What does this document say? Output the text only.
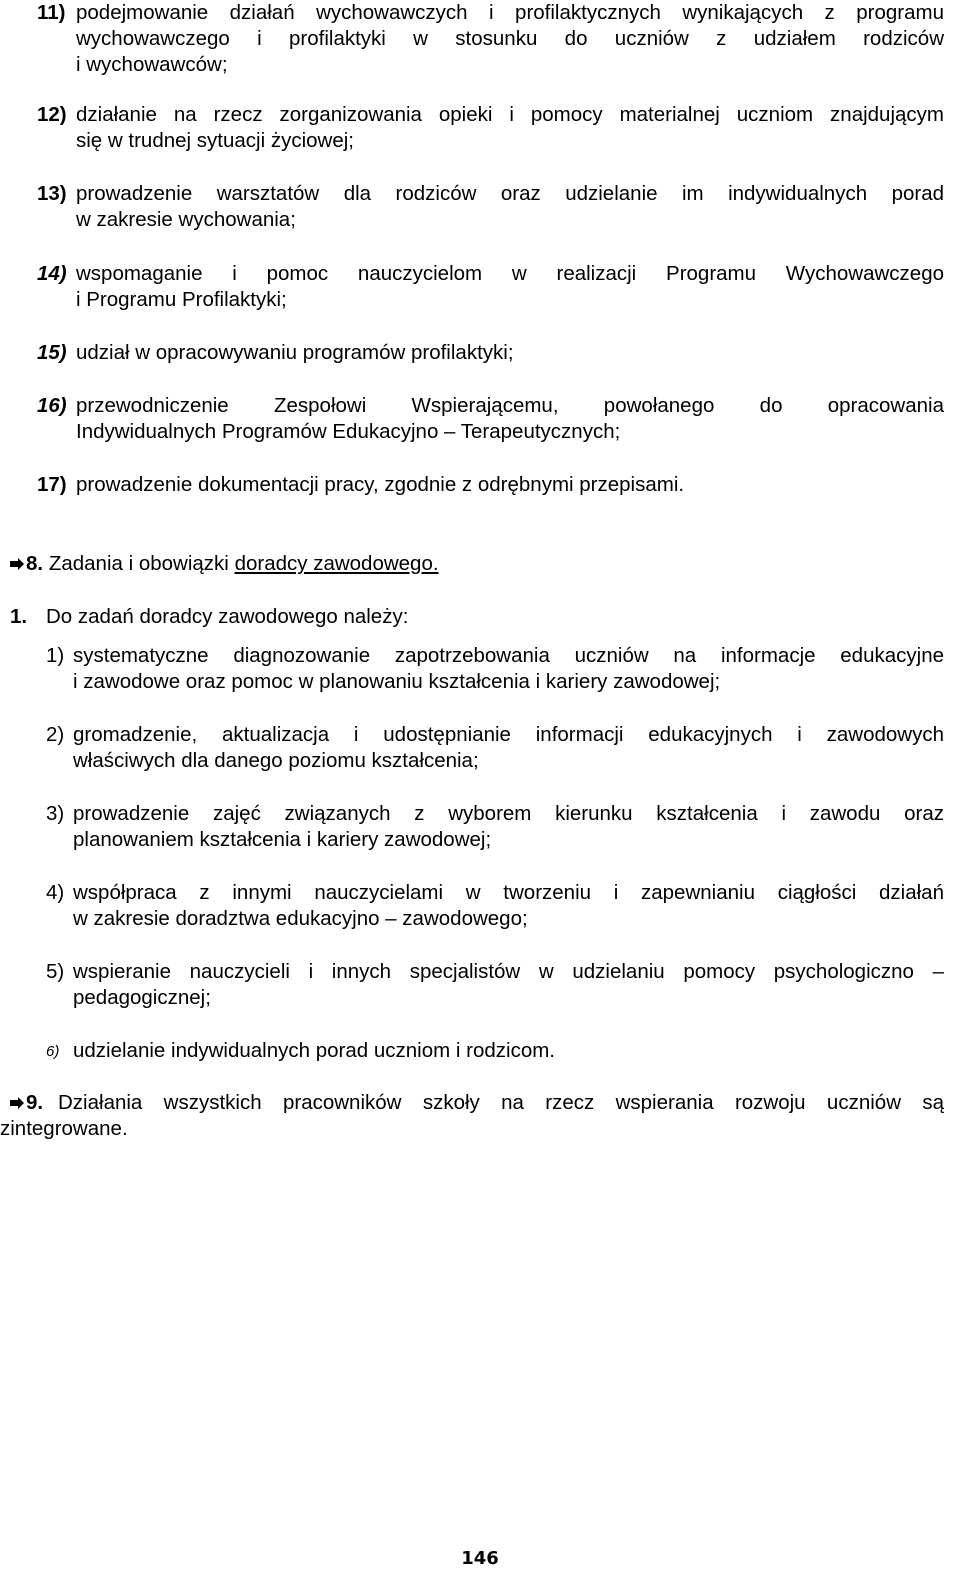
11) podejmowanie działań wychowawczych i profilaktycznych wynikających z programu
wychowawczego i profilaktyki w stosunku do uczniów z udziałem rodziców
i wychowawców;
12) działanie na rzecz zorganizowania opieki i pomocy materialnej uczniom znajdującym
się w trudnej sytuacji życiowej;
13) prowadzenie warsztatów dla rodziców oraz udzielanie im indywidualnych porad
w zakresie wychowania;
14) wspomaganie i pomoc nauczycielom w realizacji Programu Wychowawczego
i Programu Profilaktyki;
15) udział w opracowywaniu programów profilaktyki;
16) przewodniczenie Zespołowi Wspierającemu, powołanego do opracowania
Indywidualnych Programów Edukacyjno – Terapeutycznych;
17) prowadzenie dokumentacji pracy, zgodnie z odrębnymi przepisami.
8. Zadania i obowiązki doradcy zawodowego.
1. Do zadań doradcy zawodowego należy:
1) systematyczne diagnozowanie zapotrzebowania uczniów na informacje edukacyjne
i zawodowe oraz pomoc w planowaniu kształcenia i kariery zawodowej;
2) gromadzenie, aktualizacja i udostępnianie informacji edukacyjnych i zawodowych
właściwych dla danego poziomu kształcenia;
3) prowadzenie zajęć związanych z wyborem kierunku kształcenia i zawodu oraz
planowaniem kształcenia i kariery zawodowej;
4) współpraca z innymi nauczycielami w tworzeniu i zapewnianiu ciągłości działań
w zakresie doradztwa edukacyjno – zawodowego;
5) wspieranie nauczycieli i innych specjalistów w udzielaniu pomocy psychologiczno –
pedagogicznej;
6) udzielanie indywidualnych porad uczniom i rodzicom.
9. Działania wszystkich pracowników szkoły na rzecz wspierania rozwoju uczniów są
zintegrowane.
146
